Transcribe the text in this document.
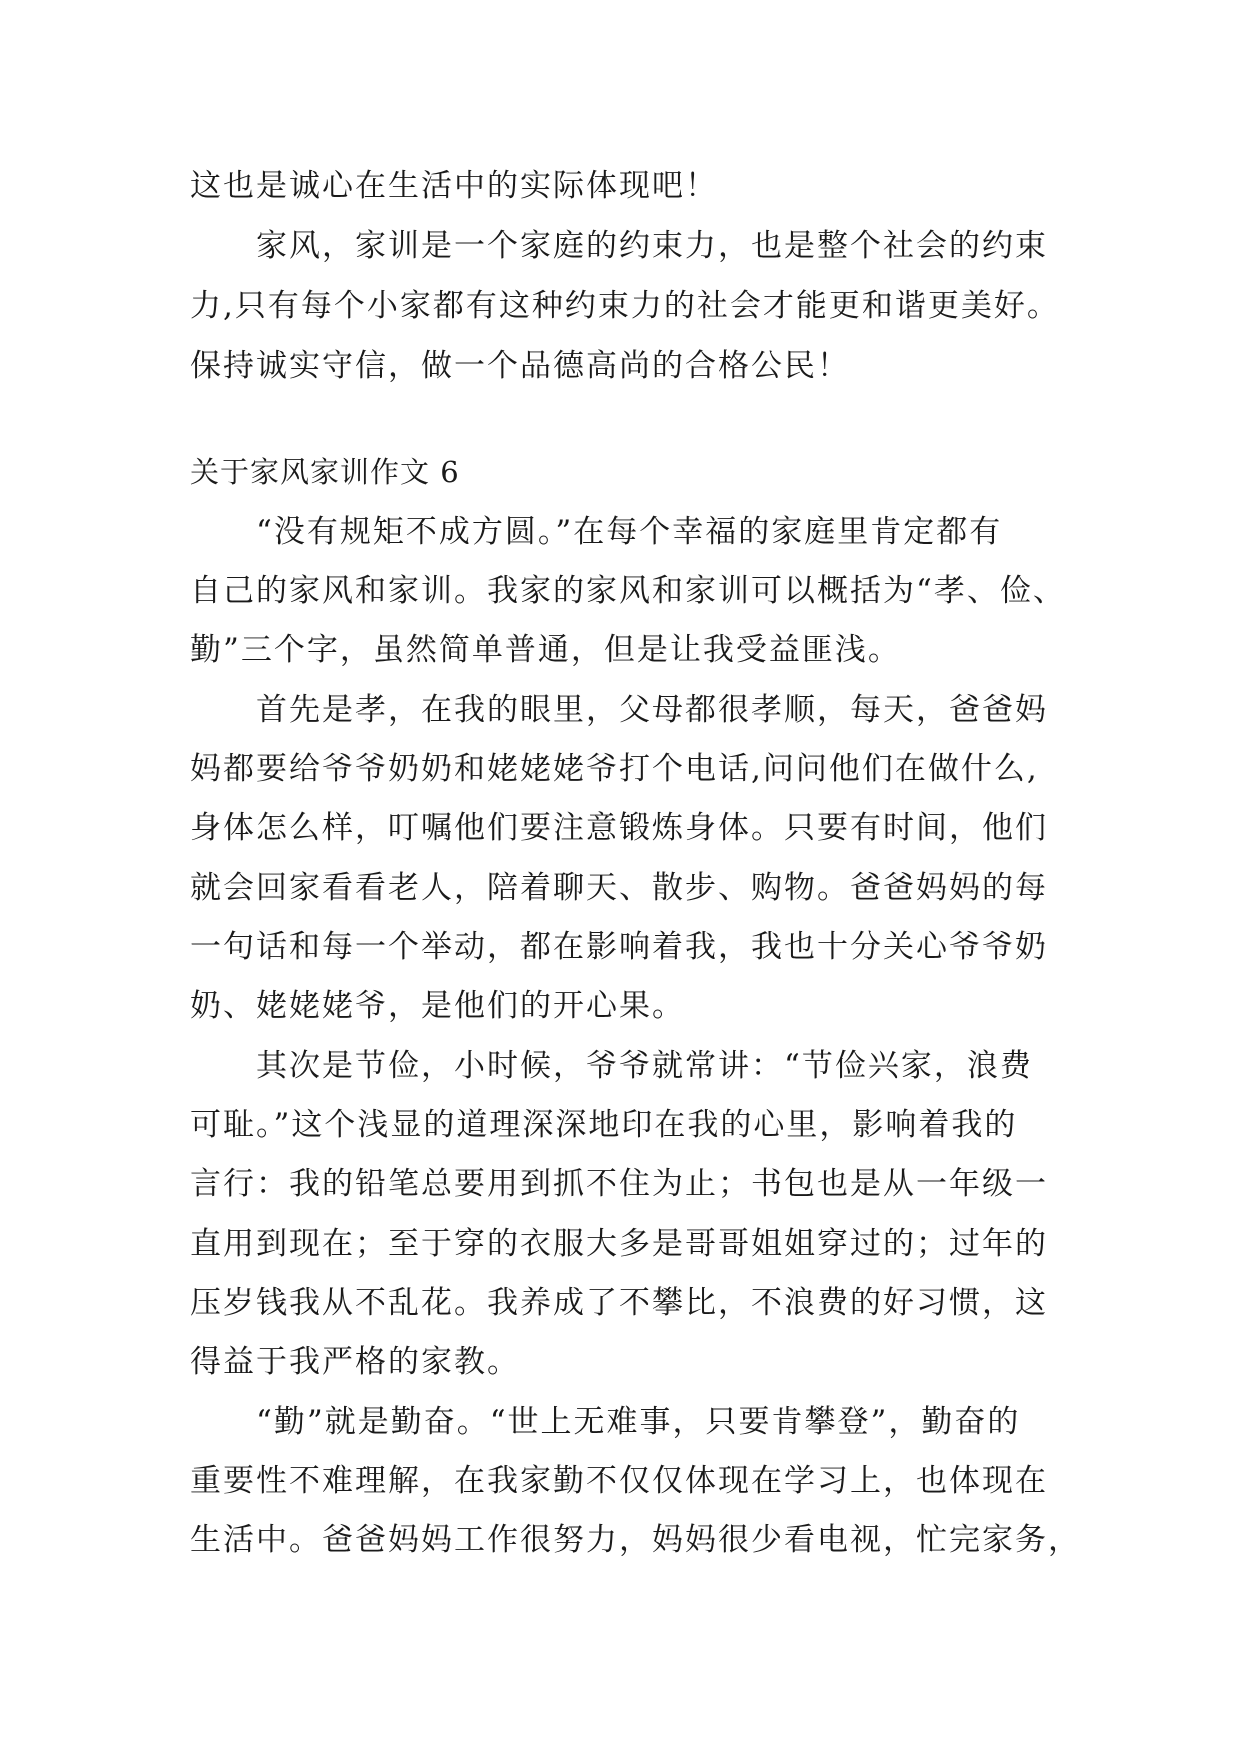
这也是诚心在生活中的实际体现吧！
　　家风，家训是一个家庭的约束力，也是整个社会的约束
力,只有每个小家都有这种约束力的社会才能更和谐更美好。
保持诚实守信，做一个品德高尚的合格公民！
关于家风家训作文 6
　　“没有规矩不成方圆。”在每个幸福的家庭里肯定都有
自己的家风和家训。我家的家风和家训可以概括为“孝、俭、
勤”三个字，虽然简单普通，但是让我受益匪浅。
　　首先是孝，在我的眼里，父母都很孝顺，每天，爸爸妈
妈都要给爷爷奶奶和姥姥姥爷打个电话,问问他们在做什么,
身体怎么样，叮嘱他们要注意锻炼身体。只要有时间，他们
就会回家看看老人，陪着聊天、散步、购物。爸爸妈妈的每
一句话和每一个举动，都在影响着我，我也十分关心爷爷奶
奶、姥姥姥爷，是他们的开心果。
　　其次是节俭，小时候，爷爷就常讲：“节俭兴家，浪费
可耻。”这个浅显的道理深深地印在我的心里，影响着我的
言行：我的铅笔总要用到抓不住为止；书包也是从一年级一
直用到现在；至于穿的衣服大多是哥哥姐姐穿过的；过年的
压岁钱我从不乱花。我养成了不攀比，不浪费的好习惯，这
得益于我严格的家教。
　　“勤”就是勤奋。“世上无难事，只要肯攀登”，勤奋的
重要性不难理解，在我家勤不仅仅体现在学习上，也体现在
生活中。爸爸妈妈工作很努力，妈妈很少看电视，忙完家务，
